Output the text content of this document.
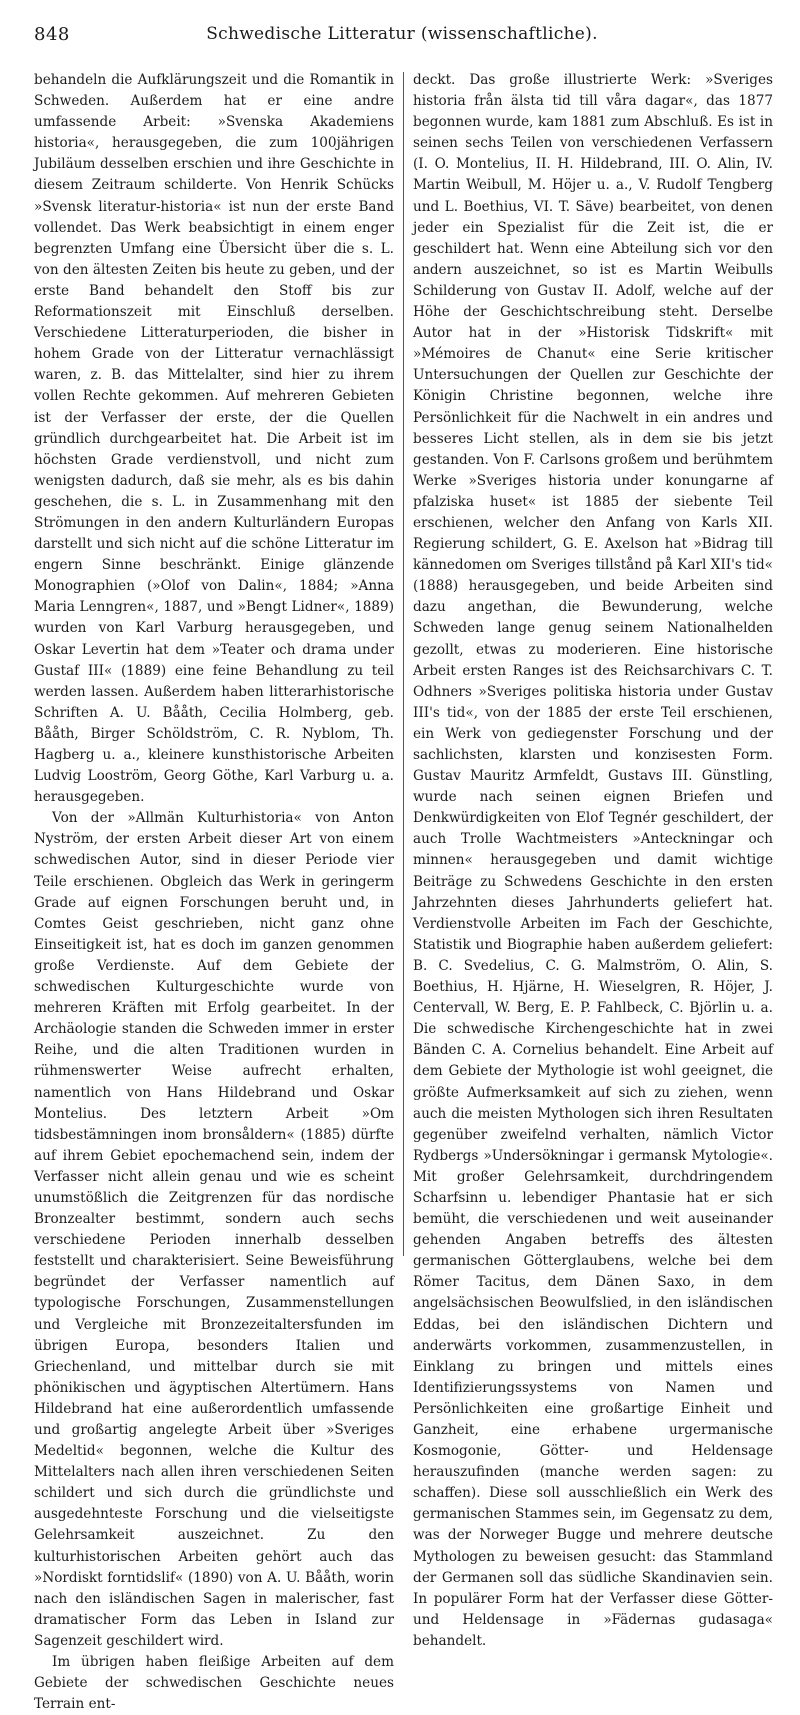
848	Schwedische Litteratur (wissenschaftliche).

behandeln die Aufklärungszeit und die Romantik in Schweden. Außerdem hat er eine andre umfassende Arbeit: »Svenska Akademiens historia«, herausgegeben, die zum 100jährigen Jubiläum desselben erschien und ihre Geschichte in diesem Zeitraum schilderte. Von Henrik Schücks »Svensk literatur-historia« ist nun der erste Band vollendet. Das Werk beabsichtigt in einem enger begrenzten Umfang eine Übersicht über die s. L. von den ältesten Zeiten bis heute zu geben, und der erste Band behandelt den Stoff bis zur Reformationszeit mit Einschluß derselben. Verschiedene Litteraturperioden, die bisher in hohem Grade von der Litteratur vernachlässigt waren, z. B. das Mittelalter, sind hier zu ihrem vollen Rechte gekommen. Auf mehreren Gebieten ist der Verfasser der erste, der die Quellen gründlich durchgearbeitet hat. Die Arbeit ist im höchsten Grade verdienstvoll, und nicht zum wenigsten dadurch, daß sie mehr, als es bis dahin geschehen, die s. L. in Zusammenhang mit den Strömungen in den andern Kulturländern Europas darstellt und sich nicht auf die schöne Litteratur im engern Sinne beschränkt. Einige glänzende Monographien (»Olof von Dalin«, 1884; »Anna Maria Lenngren«, 1887, und »Bengt Lidner«, 1889) wurden von Karl Varburg herausgegeben, und Oskar Levertin hat dem »Teater och drama under Gustaf III« (1889) eine feine Behandlung zu teil werden lassen. Außerdem haben litterarhistorische Schriften A. U. Bååth, Cecilia Holmberg, geb. Bååth, Birger Schöldström, C. R. Nyblom, Th. Hagberg u. a., kleinere kunsthistorische Arbeiten Ludvig Looström, Georg Göthe, Karl Varburg u. a. herausgegeben.

Von der »Allmän Kulturhistoria« von Anton Nyström, der ersten Arbeit dieser Art von einem schwedischen Autor, sind in dieser Periode vier Teile erschienen. Obgleich das Werk in geringerm Grade auf eignen Forschungen beruht und, in Comtes Geist geschrieben, nicht ganz ohne Einseitigkeit ist, hat es doch im ganzen genommen große Verdienste. Auf dem Gebiete der schwedischen Kulturgeschichte wurde von mehreren Kräften mit Erfolg gearbeitet. In der Archäologie standen die Schweden immer in erster Reihe, und die alten Traditionen wurden in rühmenswerter Weise aufrecht erhalten, namentlich von Hans Hildebrand und Oskar Montelius. Des letztern Arbeit »Om tidsbestämningen inom bronsåldern« (1885) dürfte auf ihrem Gebiet epochemachend sein, indem der Verfasser nicht allein genau und wie es scheint unumstößlich die Zeitgrenzen für das nordische Bronzealter bestimmt, sondern auch sechs verschiedene Perioden innerhalb desselben feststellt und charakterisiert. Seine Beweisführung begründet der Verfasser namentlich auf typologische Forschungen, Zusammenstellungen und Vergleiche mit Bronzezeitaltersfunden im übrigen Europa, besonders Italien und Griechenland, und mittelbar durch sie mit phönikischen und ägyptischen Altertümern. Hans Hildebrand hat eine außerordentlich umfassende und großartig angelegte Arbeit über »Sveriges Medeltid« begonnen, welche die Kultur des Mittelalters nach allen ihren verschiedenen Seiten schildert und sich durch die gründlichste und ausgedehnteste Forschung und die vielseitigste Gelehrsamkeit auszeichnet. Zu den kulturhistorischen Arbeiten gehört auch das »Nordiskt forntidslif« (1890) von A. U. Bååth, worin nach den isländischen Sagen in malerischer, fast dramatischer Form das Leben in Island zur Sagenzeit geschildert wird.

Im übrigen haben fleißige Arbeiten auf dem Gebiete der schwedischen Geschichte neues Terrain ent-

deckt. Das große illustrierte Werk: »Sveriges historia från älsta tid till våra dagar«, das 1877 begonnen wurde, kam 1881 zum Abschluß. Es ist in seinen sechs Teilen von verschiedenen Verfassern (I. O. Montelius, II. H. Hildebrand, III. O. Alin, IV. Martin Weibull, M. Höjer u. a., V. Rudolf Tengberg und L. Boethius, VI. T. Säve) bearbeitet, von denen jeder ein Spezialist für die Zeit ist, die er geschildert hat. Wenn eine Abteilung sich vor den andern auszeichnet, so ist es Martin Weibulls Schilderung von Gustav II. Adolf, welche auf der Höhe der Geschichtschreibung steht. Derselbe Autor hat in der »Historisk Tidskrift« mit »Mémoires de Chanut« eine Serie kritischer Untersuchungen der Quellen zur Geschichte der Königin Christine begonnen, welche ihre Persönlichkeit für die Nachwelt in ein andres und besseres Licht stellen, als in dem sie bis jetzt gestanden. Von F. Carlsons großem und berühmtem Werke »Sveriges historia under konungarne af pfalziska huset« ist 1885 der siebente Teil erschienen, welcher den Anfang von Karls XII. Regierung schildert, G. E. Axelson hat »Bidrag till kännedomen om Sveriges tillstånd på Karl XII's tid« (1888) herausgegeben, und beide Arbeiten sind dazu angethan, die Bewunderung, welche Schweden lange genug seinem Nationalhelden gezollt, etwas zu moderieren. Eine historische Arbeit ersten Ranges ist des Reichsarchivars C. T. Odhners »Sveriges politiska historia under Gustav III's tid«, von der 1885 der erste Teil erschienen, ein Werk von gediegenster Forschung und der sachlichsten, klarsten und konzisesten Form. Gustav Mauritz Armfeldt, Gustavs III. Günstling, wurde nach seinen eignen Briefen und Denkwürdigkeiten von Elof Tegnér geschildert, der auch Trolle Wachtmeisters »Anteckningar och minnen« herausgegeben und damit wichtige Beiträge zu Schwedens Geschichte in den ersten Jahrzehnten dieses Jahrhunderts geliefert hat. Verdienstvolle Arbeiten im Fach der Geschichte, Statistik und Biographie haben außerdem geliefert: B. C. Svedelius, C. G. Malmström, O. Alin, S. Boethius, H. Hjärne, H. Wieselgren, R. Höjer, J. Centervall, W. Berg, E. P. Fahlbeck, C. Björlin u. a. Die schwedische Kirchengeschichte hat in zwei Bänden C. A. Cornelius behandelt. Eine Arbeit auf dem Gebiete der Mythologie ist wohl geeignet, die größte Aufmerksamkeit auf sich zu ziehen, wenn auch die meisten Mythologen sich ihren Resultaten gegenüber zweifelnd verhalten, nämlich Victor Rydbergs »Undersökningar i germansk Mytologie«. Mit großer Gelehrsamkeit, durchdringendem Scharfsinn u. lebendiger Phantasie hat er sich bemüht, die verschiedenen und weit auseinander gehenden Angaben betreffs des ältesten germanischen Götterglaubens, welche bei dem Römer Tacitus, dem Dänen Saxo, in dem angelsächsischen Beowulfslied, in den isländischen Eddas, bei den isländischen Dichtern und anderwärts vorkommen, zusammenzustellen, in Einklang zu bringen und mittels eines Identifizierungssystems von Namen und Persönlichkeiten eine großartige Einheit und Ganzheit, eine erhabene urgermanische Kosmogonie, Götter- und Heldensage herauszufinden (manche werden sagen: zu schaffen). Diese soll ausschließlich ein Werk des germanischen Stammes sein, im Gegensatz zu dem, was der Norweger Bugge und mehrere deutsche Mythologen zu beweisen gesucht: das Stammland der Germanen soll das südliche Skandinavien sein. In populärer Form hat der Verfasser diese Götter- und Heldensage in »Fädernas gudasaga« behandelt.
